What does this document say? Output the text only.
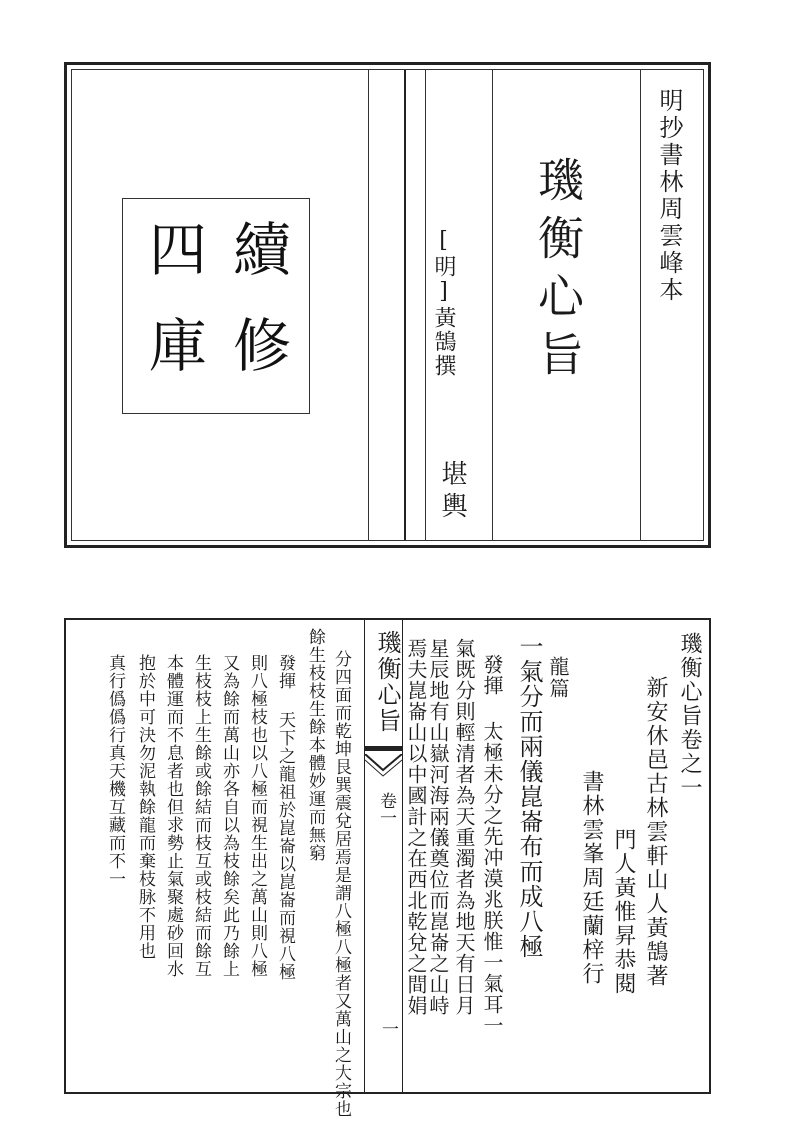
續
修
四
庫
明抄書林周雲峰本
璣衡心旨
[明]黃鵠撰
堪輿
璣衡心旨
卷一
一
璣衡心旨卷之一
新安休邑古林雲軒山人黃鵠著
門人黃惟昇恭閱
書林雲峯周廷蘭梓行
一氣分而兩儀崑崙布而成八極 龍篇
發揮 太極未分之先冲漠兆朕惟一氣耳一
氣既分則輕清者為天重濁者為地天有日月
星辰地有山嶽河海兩儀奠位而崑崙之山峙
焉夫崑崙山以中國計之在西北乾兌之間娟
分四面而乾坤艮巽震兌居焉是謂八極八極者又萬山之大宗也
餘生枝枝生餘本體妙運而無窮
發揮 天下之龍祖於崑崙以崑崙而視八極
則八極枝也以八極而視生出之萬山則八極
又為餘而萬山亦各自以為枝餘矣此乃餘上
生枝枝上生餘或餘結而枝互或枝結而餘互
本體運而不息者也但求勢止氣聚處砂回水
抱於中可決勿泥執餘龍而棄枝脉不用也
真行僞僞行真天機互藏而不一
